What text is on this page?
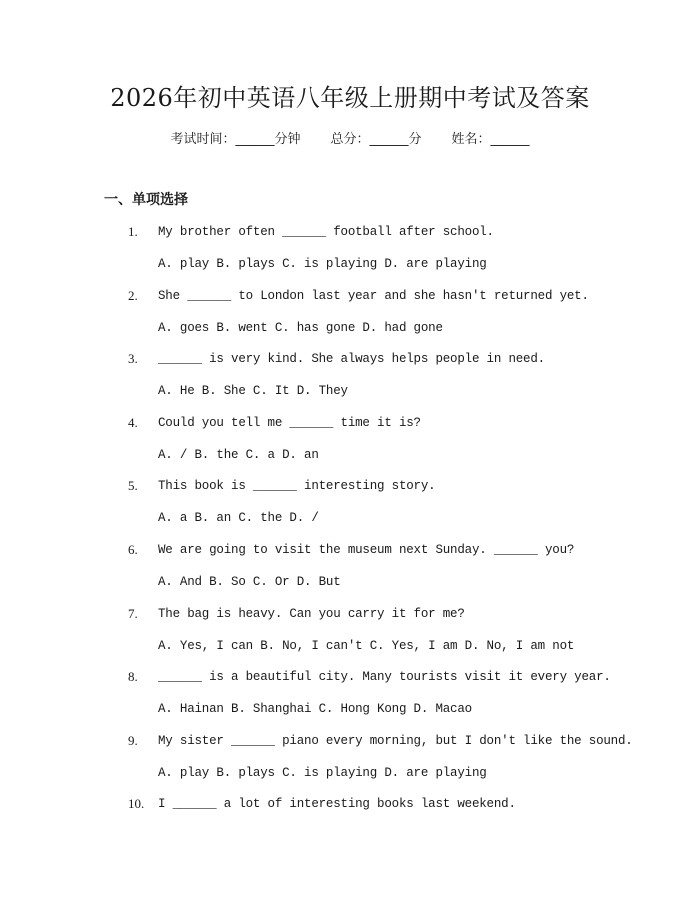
2026年初中英语八年级上册期中考试及答案
考试时间：______分钟 总分：______分 姓名：______
一、单项选择
1.	My brother often ______ football after school.
A. play B. plays C. is playing D. are playing
2.	She ______ to London last year and she hasn't returned yet.
A. goes B. went C. has gone D. had gone
3.	______ is very kind. She always helps people in need.
A. He B. She C. It D. They
4.	Could you tell me ______ time it is?
A. / B. the C. a D. an
5.	This book is ______ interesting story.
A. a B. an C. the D. /
6.	We are going to visit the museum next Sunday. ______ you?
A. And B. So C. Or D. But
7.	The bag is heavy. Can you carry it for me?
A. Yes, I can B. No, I can't C. Yes, I am D. No, I am not
8.	______ is a beautiful city. Many tourists visit it every year.
A. Hainan B. Shanghai C. Hong Kong D. Macao
9.	My sister ______ piano every morning, but I don't like the sound.
A. play B. plays C. is playing D. are playing
10.	I ______ a lot of interesting books last weekend.
